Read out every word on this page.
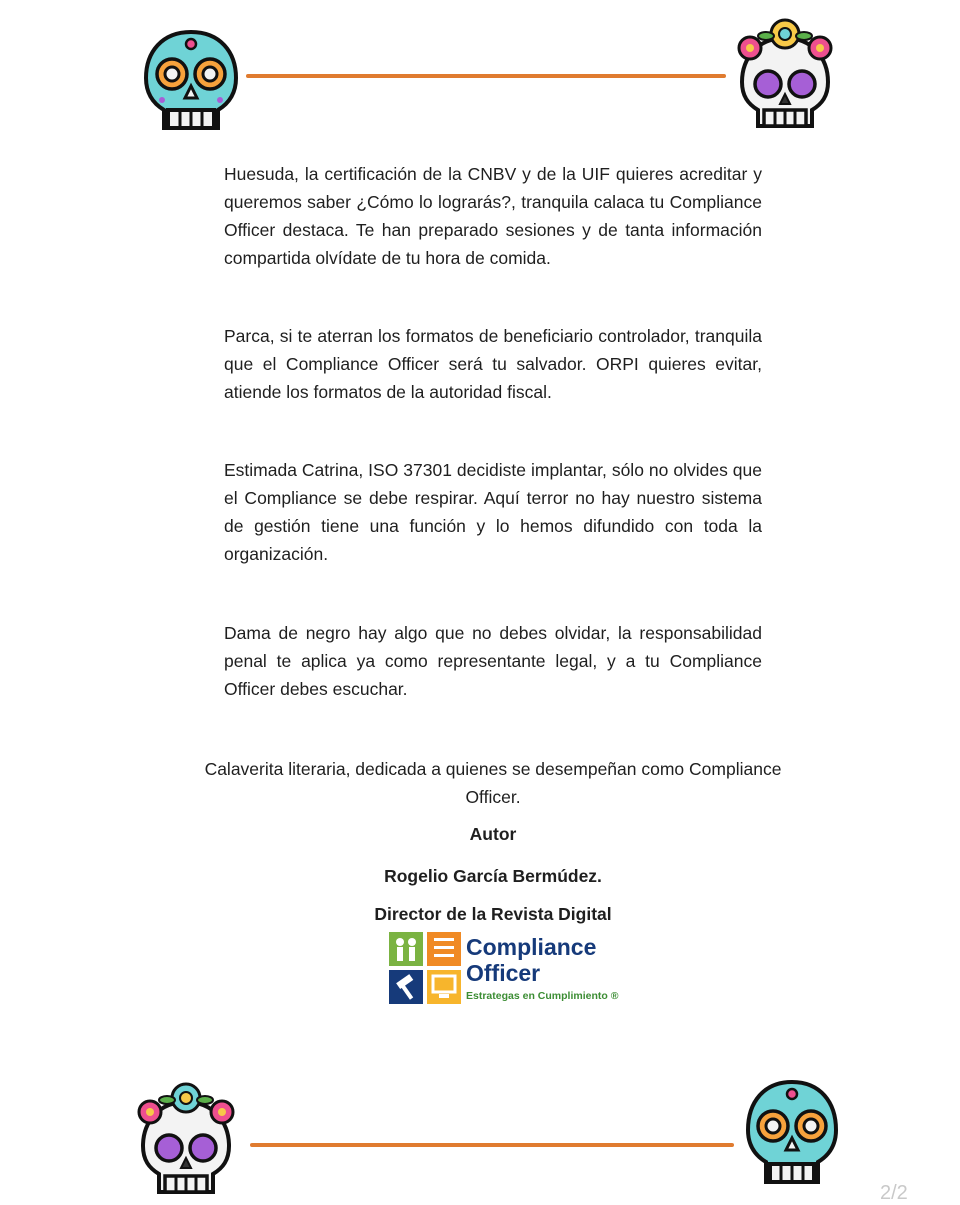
Huesuda, la certificación de la CNBV y de la UIF quieres acreditar y queremos saber ¿Cómo lo lograrás?, tranquila calaca tu Compliance Officer destaca. Te han preparado sesiones y de tanta información compartida olvídate de tu hora de comida.

Parca, si te aterran los formatos de beneficiario controlador, tranquila que el Compliance Officer será tu salvador. ORPI quieres evitar, atiende los formatos de la autoridad fiscal.

Estimada Catrina, ISO 37301 decidiste implantar, sólo no olvides que el Compliance se debe respirar. Aquí terror no hay nuestro sistema de gestión tiene una función y lo hemos difundido con toda la organización.

Dama de negro hay algo que no debes olvidar, la responsabilidad penal te aplica ya como representante legal, y a tu Compliance Officer debes escuchar.

Calaverita literaria, dedicada a quienes se desempeñan como Compliance Officer.
Autor
Rogelio García Bermúdez.
Director de la Revista Digital
Compliance
Officer
Estrategas en Cumplimiento ®
2/2
